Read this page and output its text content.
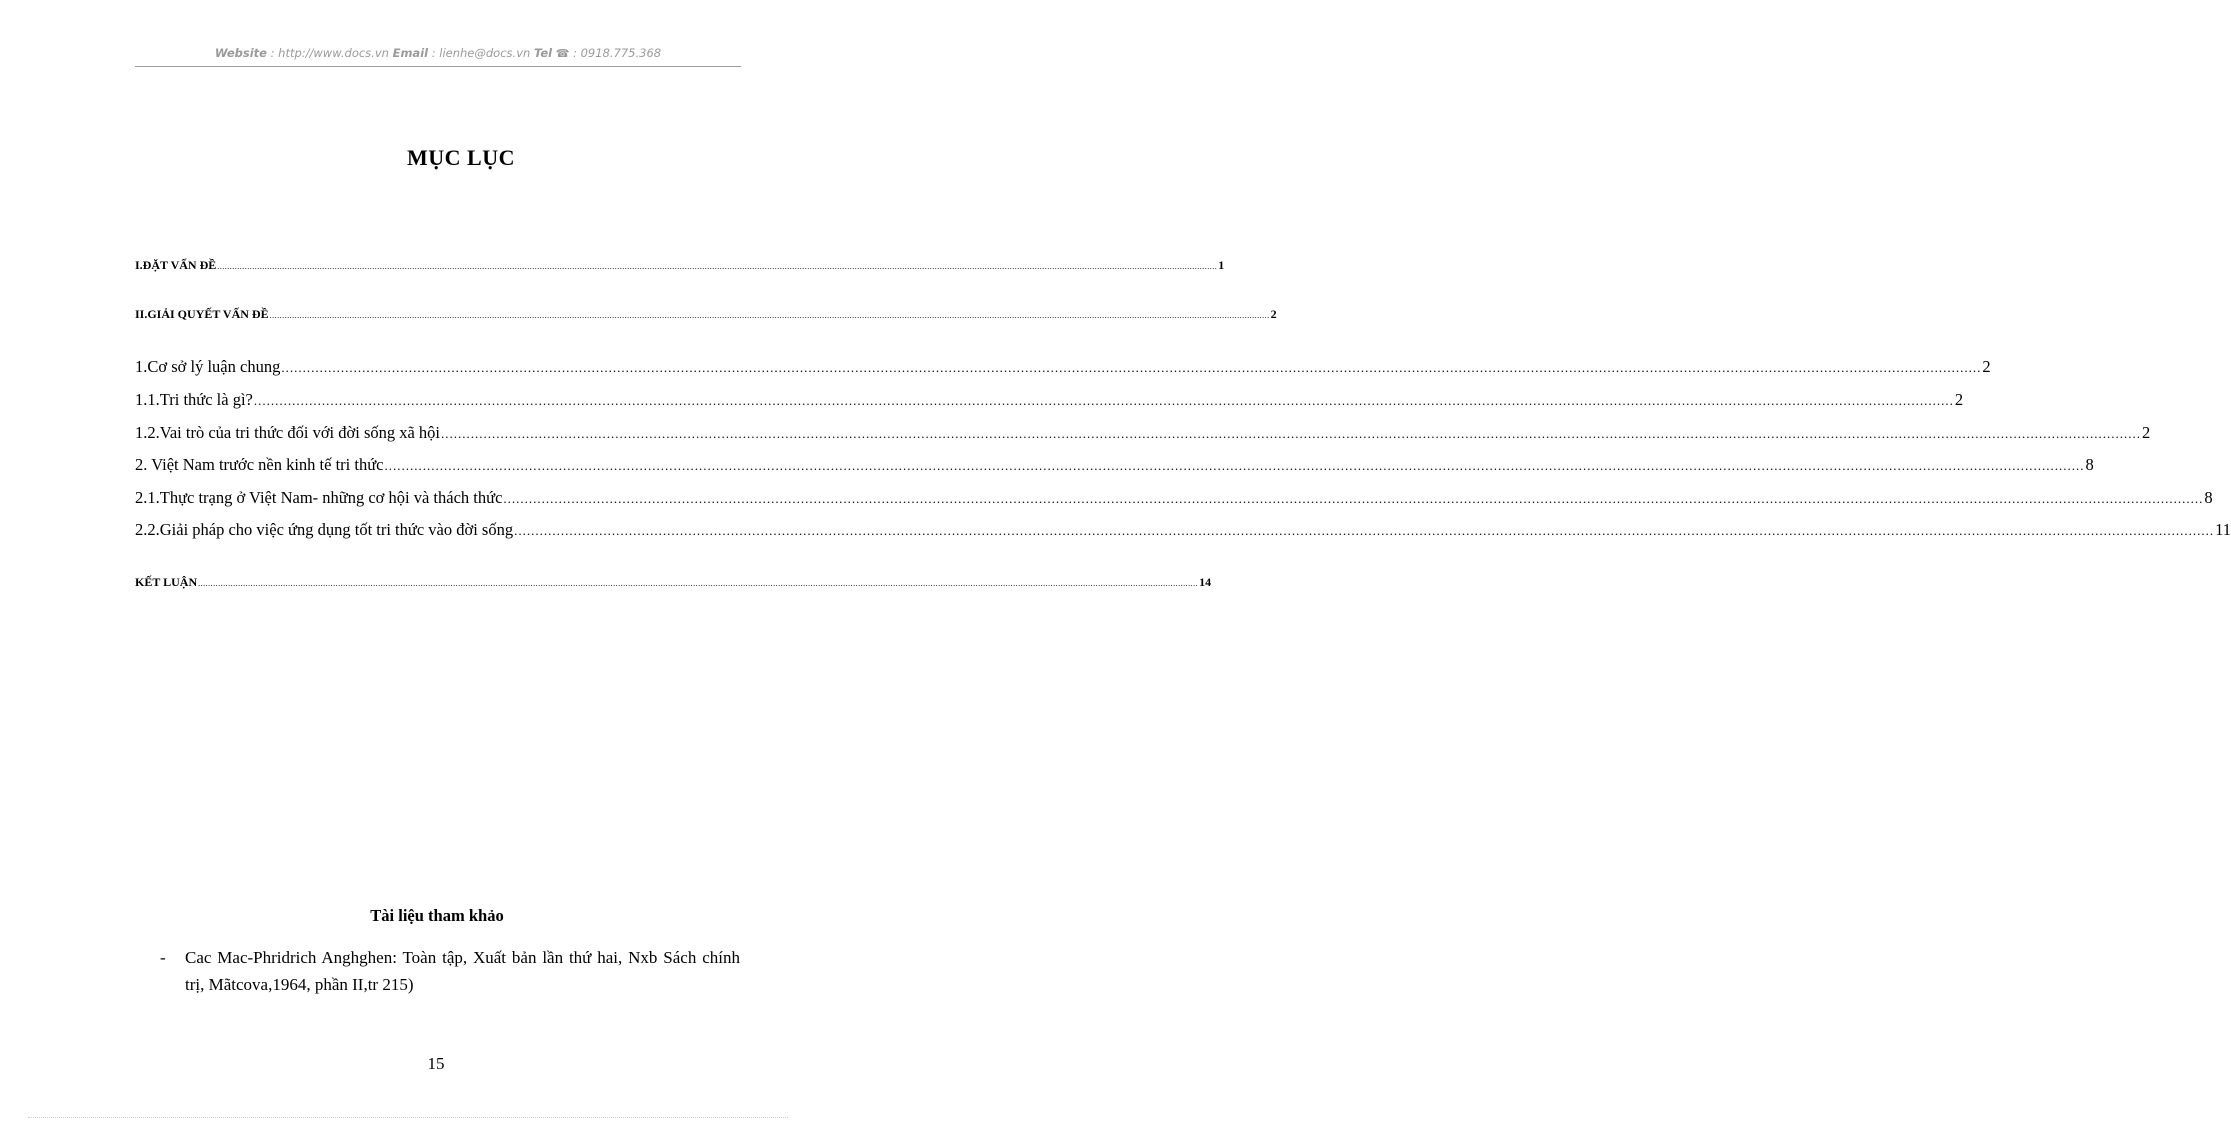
Website : http://www.docs.vn Email : lienhe@docs.vn Tel ☎ : 0918.775.368
MỤC LỤC
I.ĐẶT VẤN ĐỀ ................................................................................................................................................................................................................................................................................................................................................................................................................ 1
II.GIẢI QUYẾT VẤN ĐỀ ................................................................................................................................................................................................................................................................................................................................................................................................................ 2
1.Cơ sở lý luận chung ................................................................................................................................................................................................................................................................................................................................................................................................................ 2
1.1.Tri thức là gì? ................................................................................................................................................................................................................................................................................................................................................................................................................ 2
1.2.Vai trò của tri thức đối với đời sống xã hội ................................................................................................................................................................................................................................................................................................................................................................................................................ 2
2. Việt Nam trước nền kinh tế tri thức ................................................................................................................................................................................................................................................................................................................................................................................................................ 8
2.1.Thực trạng ở Việt Nam- những cơ hội và thách thức ................................................................................................................................................................................................................................................................................................................................................................................................................ 8
2.2.Giải pháp cho việc ứng dụng tốt tri thức vào đời sống ................................................................................................................................................................................................................................................................................................................................................................................................................ 11
KẾT LUẬN ................................................................................................................................................................................................................................................................................................................................................................................................................ 14
Tài liệu tham khảo
- Cac Mac-Phridrich Anghghen: Toàn tập, Xuất bản lần thứ hai, Nxb Sách chính trị, Mãtcova,1964, phần II,tr 215)
15
